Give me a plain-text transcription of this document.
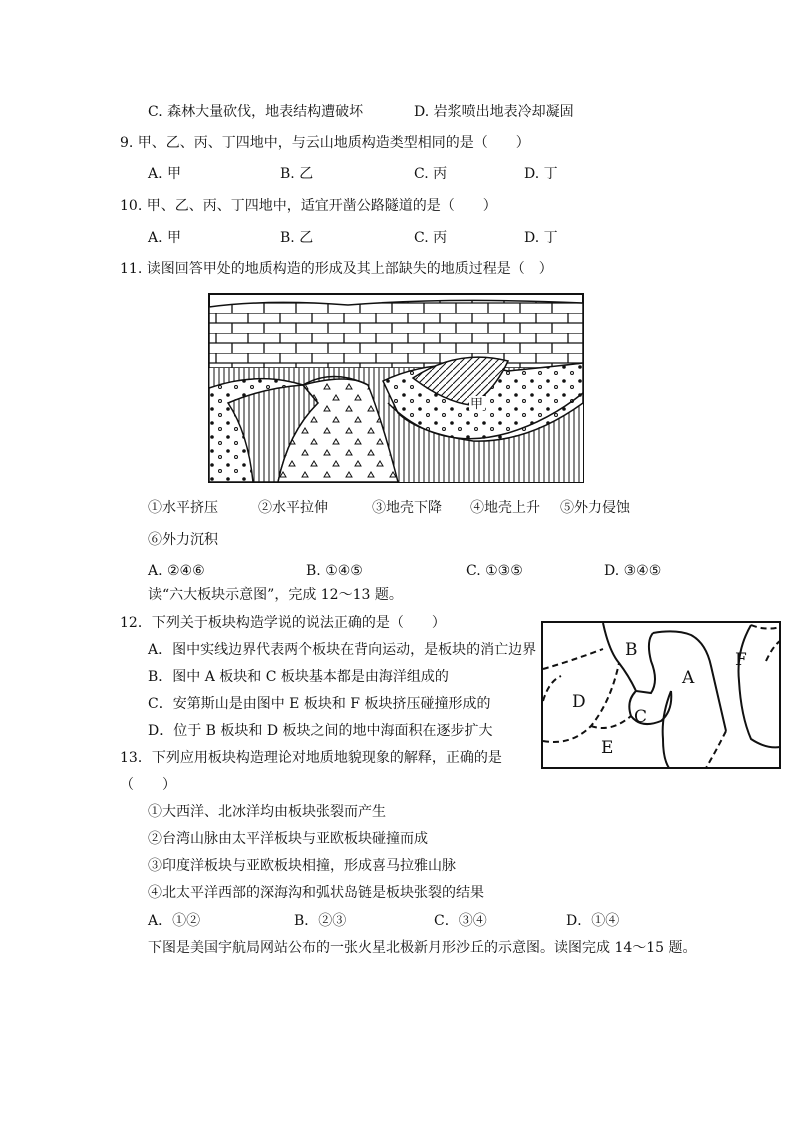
C. 森林大量砍伐，地表结构遭破坏	D. 岩浆喷出地表冷却凝固
9. 甲、乙、丙、丁四地中，与云山地质构造类型相同的是（　　）
A. 甲	B. 乙	C. 丙	D. 丁
10. 甲、乙、丙、丁四地中，适宜开凿公路隧道的是（　　）
A. 甲	B. 乙	C. 丙	D. 丁
11. 读图回答甲处的地质构造的形成及其上部缺失的地质过程是（　）
甲
①水平挤压	②水平拉伸	③地壳下降 ④地壳上升 ⑤外力侵蚀
⑥外力沉积
A. ②④⑥	B. ①④⑤	C. ①③⑤	D. ③④⑤
读“六大板块示意图”，完成 12～13 题。
12．下列关于板块构造学说的说法正确的是（　　）
A．图中实线边界代表两个板块在背向运动，是板块的消亡边界
B．图中 A 板块和 C 板块基本都是由海洋组成的
C．安第斯山是由图中 E 板块和 F 板块挤压碰撞形成的
D．位于 B 板块和 D 板块之间的地中海面积在逐步扩大
B
A
F
D
C
E
13．下列应用板块构造理论对地质地貌现象的解释，正确的是
（　　）
①大西洋、北冰洋均由板块张裂而产生
②台湾山脉由太平洋板块与亚欧板块碰撞而成
③印度洋板块与亚欧板块相撞，形成喜马拉雅山脉
④北太平洋西部的深海沟和弧状岛链是板块张裂的结果
A．①②	B．②③	C．③④	D．①④
下图是美国宇航局网站公布的一张火星北极新月形沙丘的示意图。读图完成 14～15 题。
